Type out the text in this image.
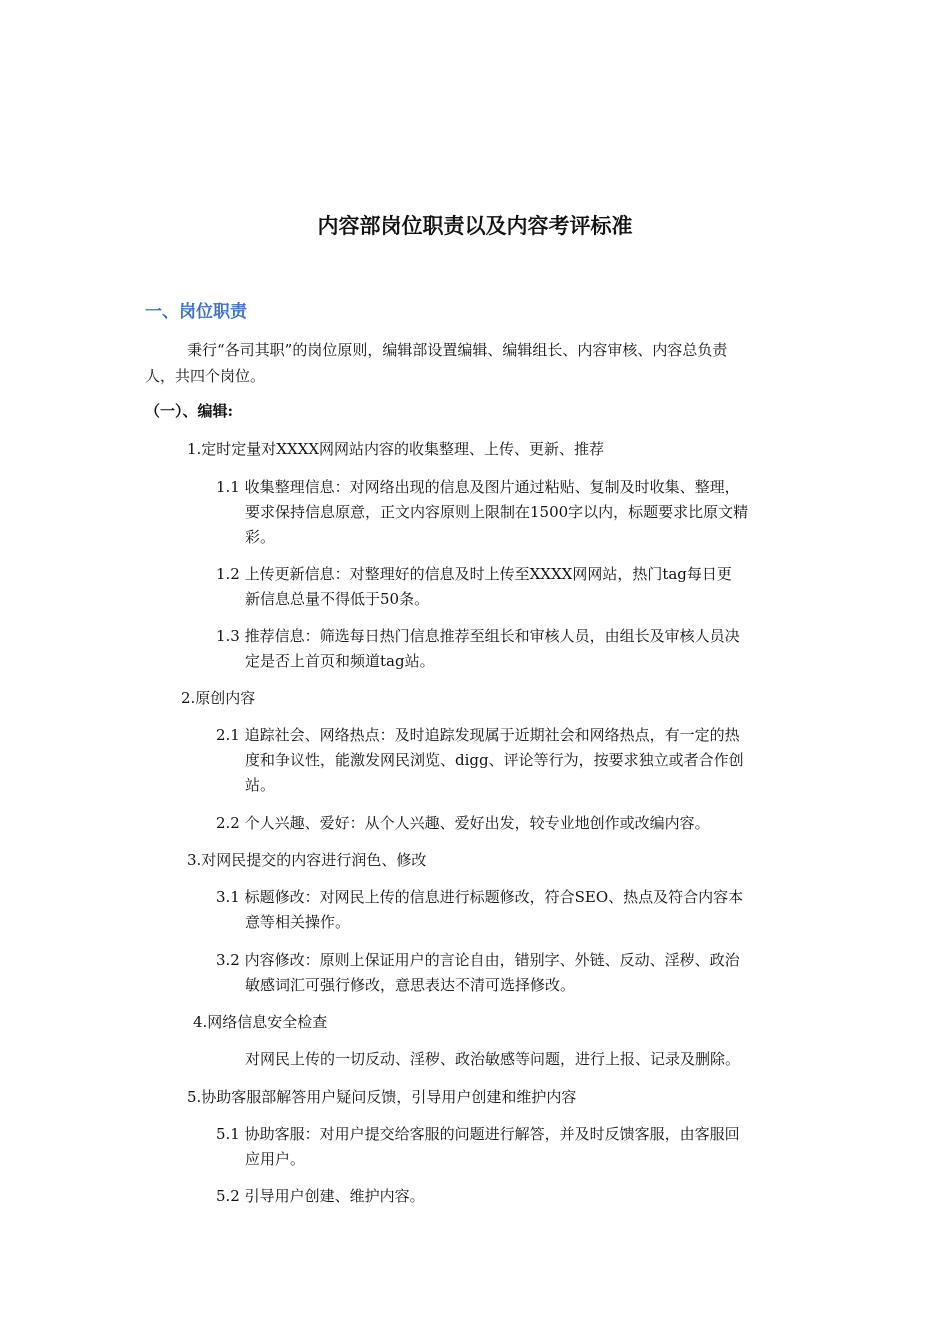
内容部岗位职责以及内容考评标准
一、岗位职责
秉行“各司其职”的岗位原则，编辑部设置编辑、编辑组长、内容审核、内容总负责
人，共四个岗位。
（一）、编辑:
1.定时定量对XXXX网网站内容的收集整理、上传、更新、推荐
1.1 收集整理信息：对网络出现的信息及图片通过粘贴、复制及时收集、整理，
要求保持信息原意，正文内容原则上限制在1500字以内，标题要求比原文精
彩。
1.2 上传更新信息：对整理好的信息及时上传至XXXX网网站，热门tag每日更
新信息总量不得低于50条。
1.3 推荐信息：筛选每日热门信息推荐至组长和审核人员，由组长及审核人员决
定是否上首页和频道tag站。
2.原创内容
2.1 追踪社会、网络热点：及时追踪发现属于近期社会和网络热点，有一定的热
度和争议性，能激发网民浏览、digg、评论等行为，按要求独立或者合作创
站。
2.2 个人兴趣、爱好：从个人兴趣、爱好出发，较专业地创作或改编内容。
3.对网民提交的内容进行润色、修改
3.1 标题修改：对网民上传的信息进行标题修改，符合SEO、热点及符合内容本
意等相关操作。
3.2 内容修改：原则上保证用户的言论自由，错别字、外链、反动、淫秽、政治
敏感词汇可强行修改，意思表达不清可选择修改。
4.网络信息安全检查
对网民上传的一切反动、淫秽、政治敏感等问题，进行上报、记录及删除。
5.协助客服部解答用户疑问反馈，引导用户创建和维护内容
5.1 协助客服：对用户提交给客服的问题进行解答，并及时反馈客服，由客服回
应用户。
5.2 引导用户创建、维护内容。
